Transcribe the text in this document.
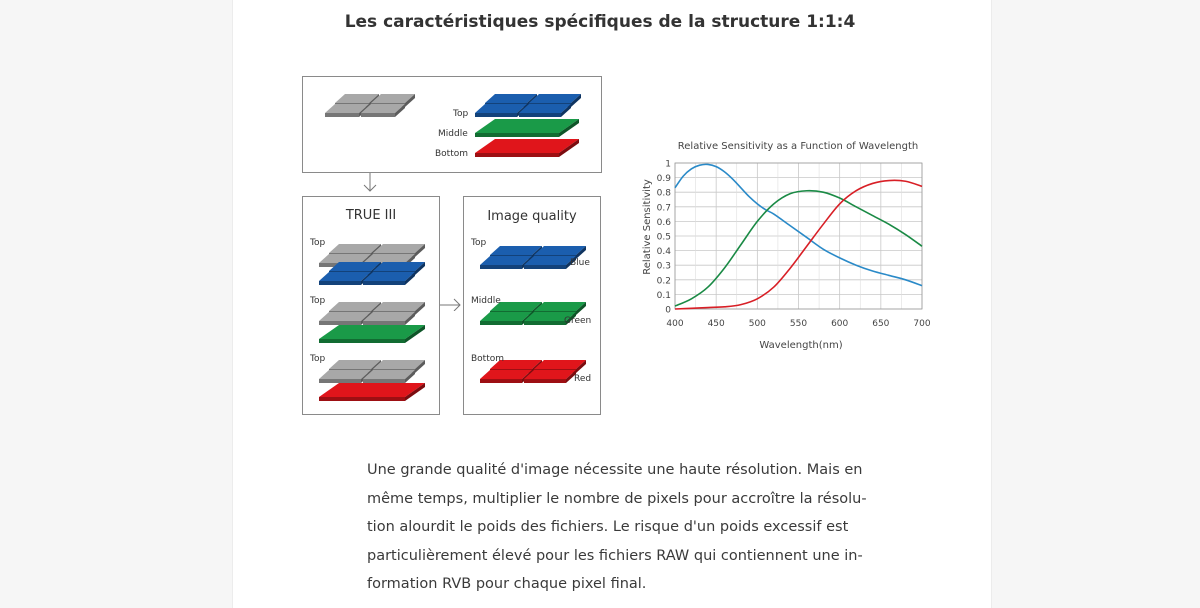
Les caractéristiques spécifiques de la structure 1:1:4
Top
Middle
Bottom
TRUE III
Top
Top
Top
Image quality
Top
Blue
Middle
Green
Bottom
Red
Relative Sensitivity as a Function of Wavelength
0
0.1
0.2
0.3
0.4
0.5
0.6
0.7
0.8
0.9
1
400	450	500	550	600	650	700
Relative Sensitivity
Wavelength(nm)
Une grande qualité d'image nécessite une haute résolution. Mais en
même temps, multiplier le nombre de pixels pour accroître la résolu-
tion alourdit le poids des fichiers. Le risque d'un poids excessif est
particulièrement élevé pour les fichiers RAW qui contiennent une in-
formation RVB pour chaque pixel final.
